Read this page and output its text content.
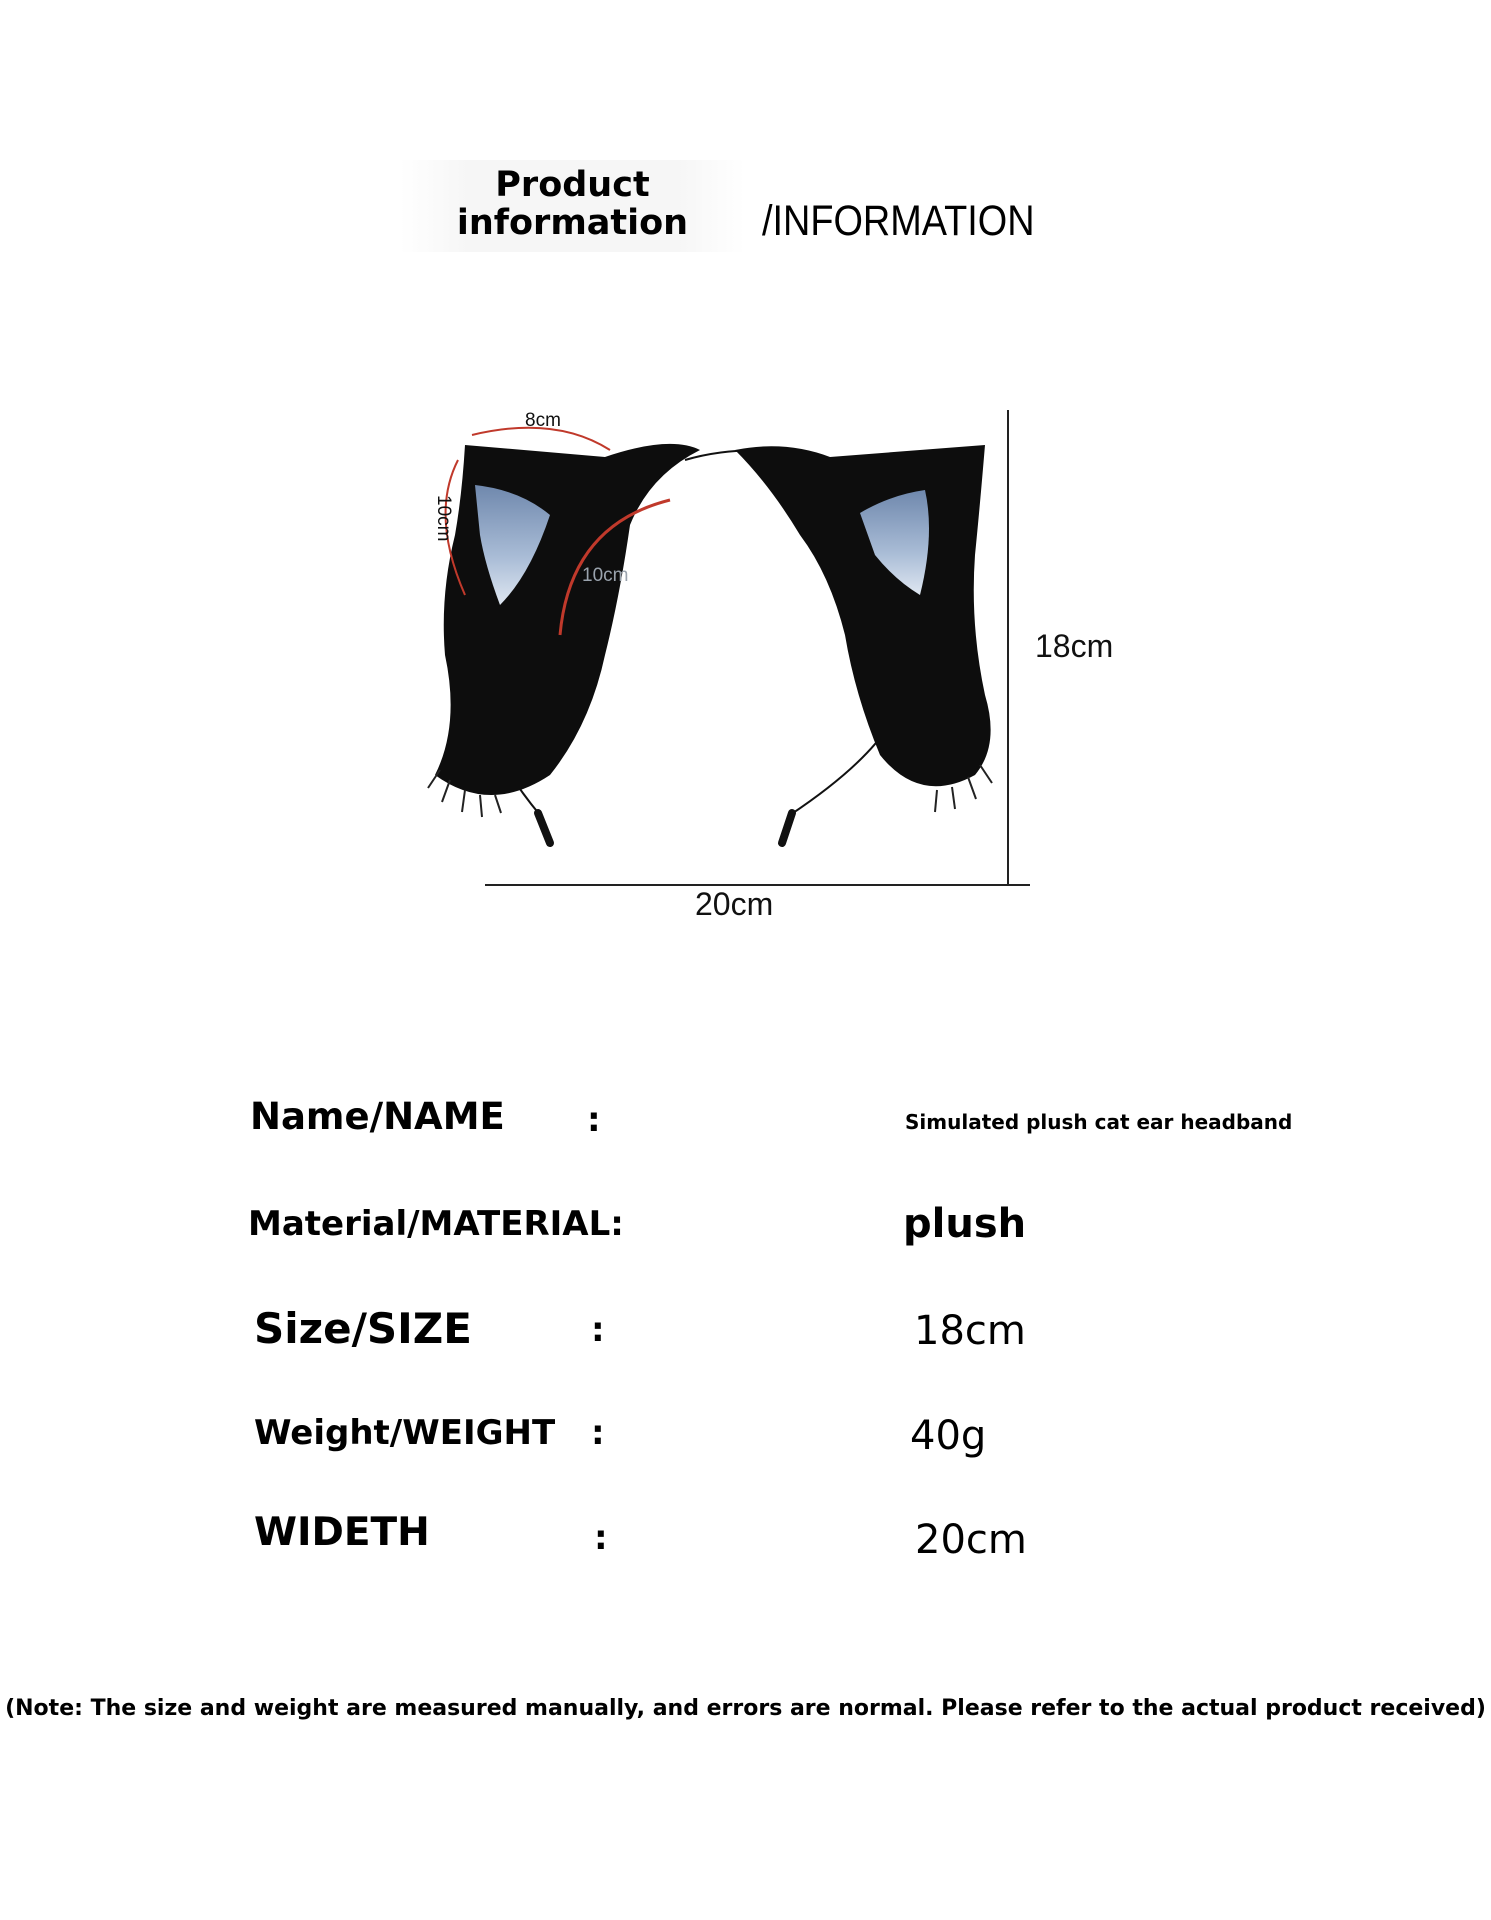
Product
information	/INFORMATION
8cm
10cm
10cm
18cm
20cm
Name/NAME :	Simulated plush cat ear headband
Material/MATERIAL:	plush
Size/SIZE	:	18cm
Weight/WEIGHT :	40g
WIDETH	:	20cm
(Note: The size and weight are measured manually, and errors are normal. Please refer to the actual product received)
